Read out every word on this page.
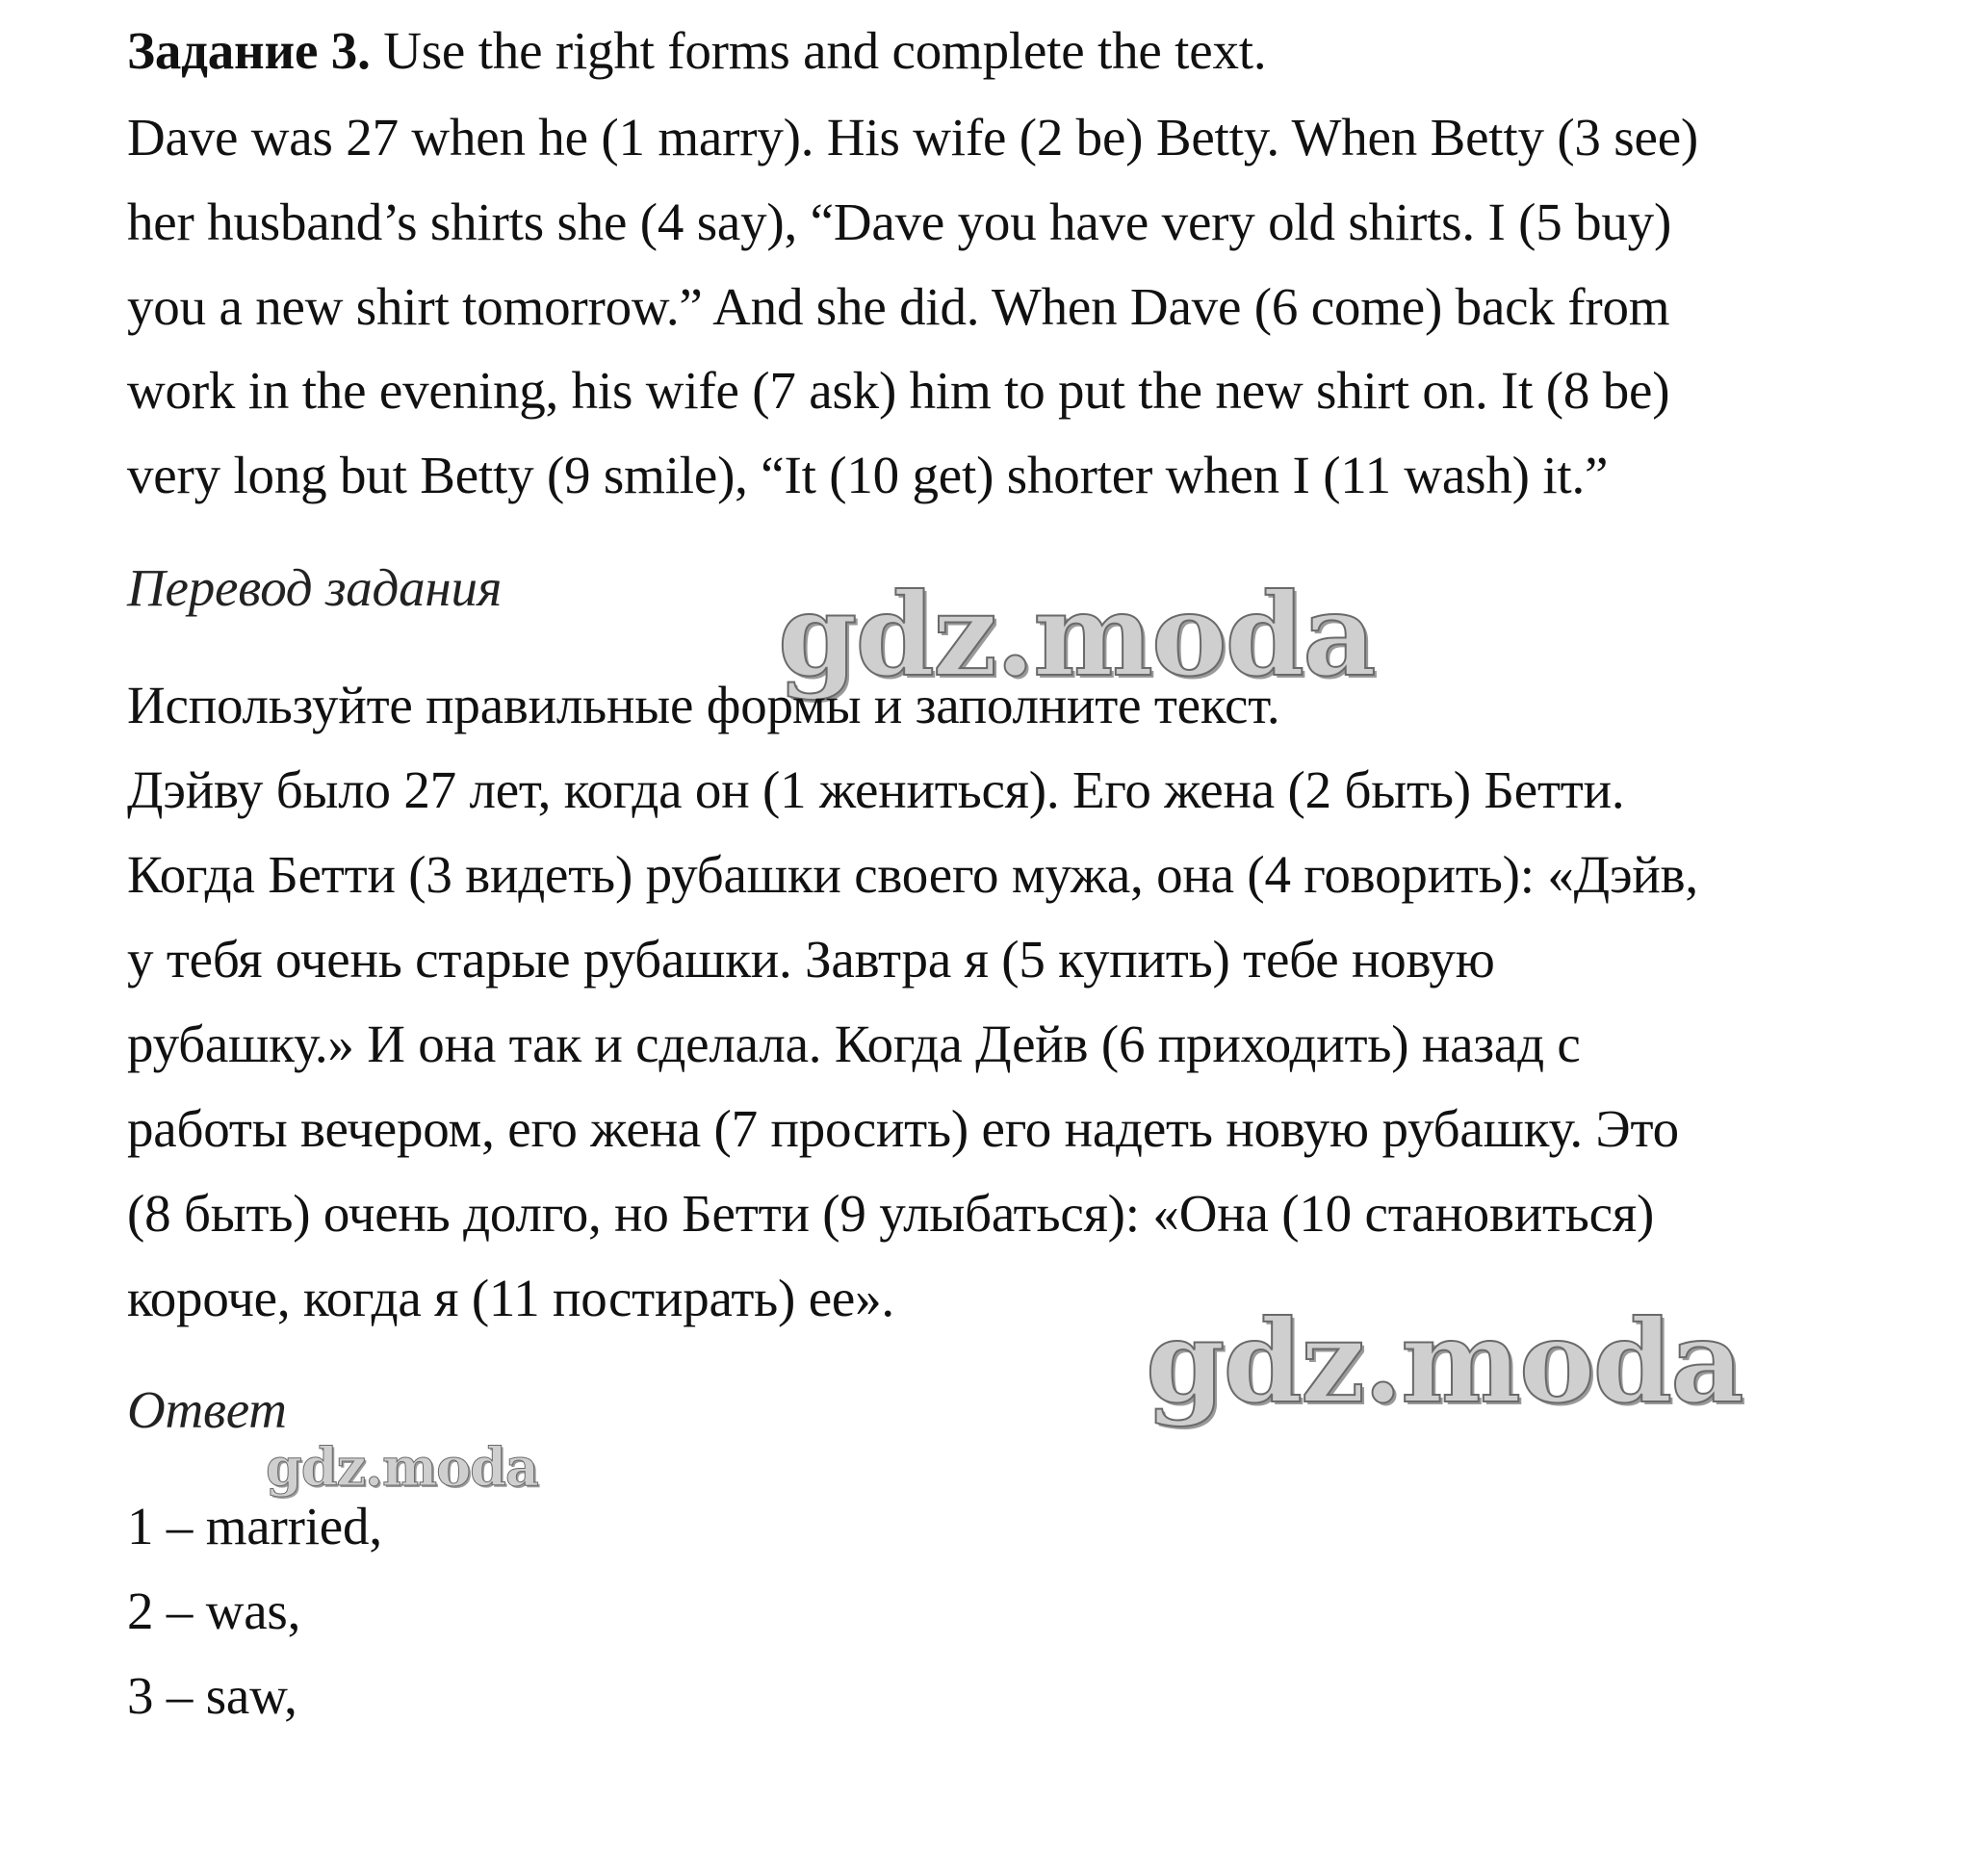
Задание 3. Use the right forms and complete the text.
Dave was 27 when he (1 marry). His wife (2 be) Betty. When Betty (3 see)
her husband’s shirts she (4 say), “Dave you have very old shirts. I (5 buy)
you a new shirt tomorrow.” And she did. When Dave (6 come) back from
work in the evening, his wife (7 ask) him to put the new shirt on. It (8 be)
very long but Betty (9 smile), “It (10 get) shorter when I (11 wash) it.”
Перевод задания gdz.moda
Используйте правильные формы и заполните текст.
Дэйву было 27 лет, когда он (1 жениться). Его жена (2 быть) Бетти.
Когда Бетти (3 видеть) рубашки своего мужа, она (4 говорить): «Дэйв,
у тебя очень старые рубашки. Завтра я (5 купить) тебе новую
рубашку.» И она так и сделала. Когда Дейв (6 приходить) назад с
работы вечером, его жена (7 просить) его надеть новую рубашку. Это
(8 быть) очень долго, но Бетти (9 улыбаться): «Она (10 становиться)
короче, когда я (11 постирать) ее». gdz.moda
Ответ
gdz.moda
1 – married,
2 – was,
3 – saw,
